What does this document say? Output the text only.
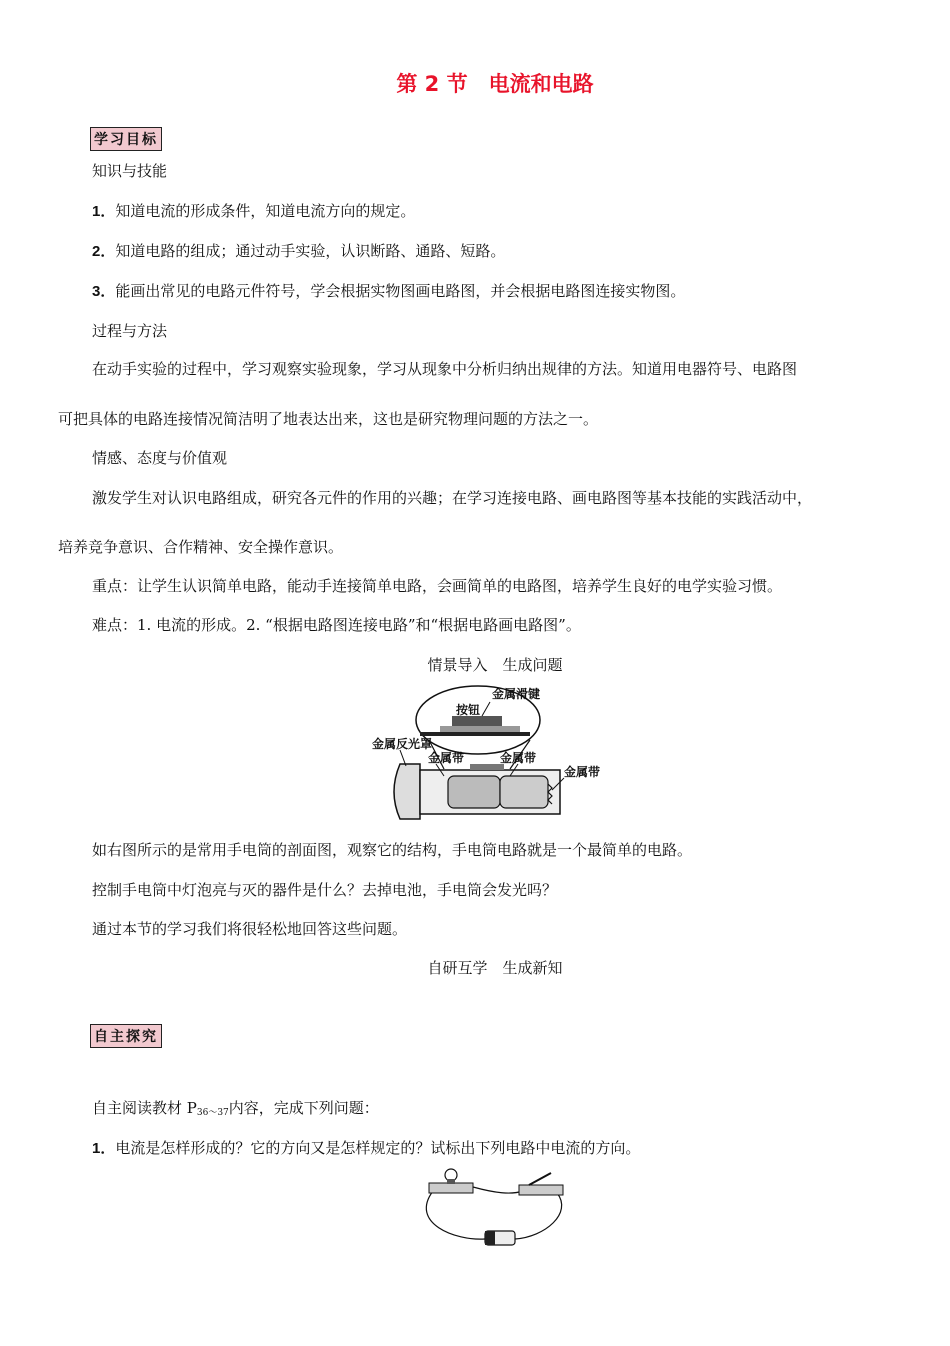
第 2 节　电流和电路
学习目标
知识与技能
1．知道电流的形成条件，知道电流方向的规定。
2．知道电路的组成；通过动手实验，认识断路、通路、短路。
3．能画出常见的电路元件符号，学会根据实物图画电路图，并会根据电路图连接实物图。
过程与方法
在动手实验的过程中，学习观察实验现象，学习从现象中分析归纳出规律的方法。知道用电器符号、电路图
可把具体的电路连接情况简洁明了地表达出来，这也是研究物理问题的方法之一。
情感、态度与价值观
激发学生对认识电路组成，研究各元件的作用的兴趣；在学习连接电路、画电路图等基本技能的实践活动中，
培养竞争意识、合作精神、安全操作意识。
重点：让学生认识简单电路，能动手连接简单电路，会画简单的电路图，培养学生良好的电学实验习惯。
难点：1. 电流的形成。2. “根据电路图连接电路”和“根据电路画电路图”。
情景导入　生成问题
金属滑键
按钮
金属反光罩
金属带	金属带
金属带
如右图所示的是常用手电筒的剖面图，观察它的结构，手电筒电路就是一个最简单的电路。
控制手电筒中灯泡亮与灭的器件是什么？去掉电池，手电筒会发光吗？
通过本节的学习我们将很轻松地回答这些问题。
自研互学　生成新知
自主探究
自主阅读教材 $P_{36\sim 37}$内容，完成下列问题：
1．电流是怎样形成的？它的方向又是怎样规定的？试标出下列电路中电流的方向。
